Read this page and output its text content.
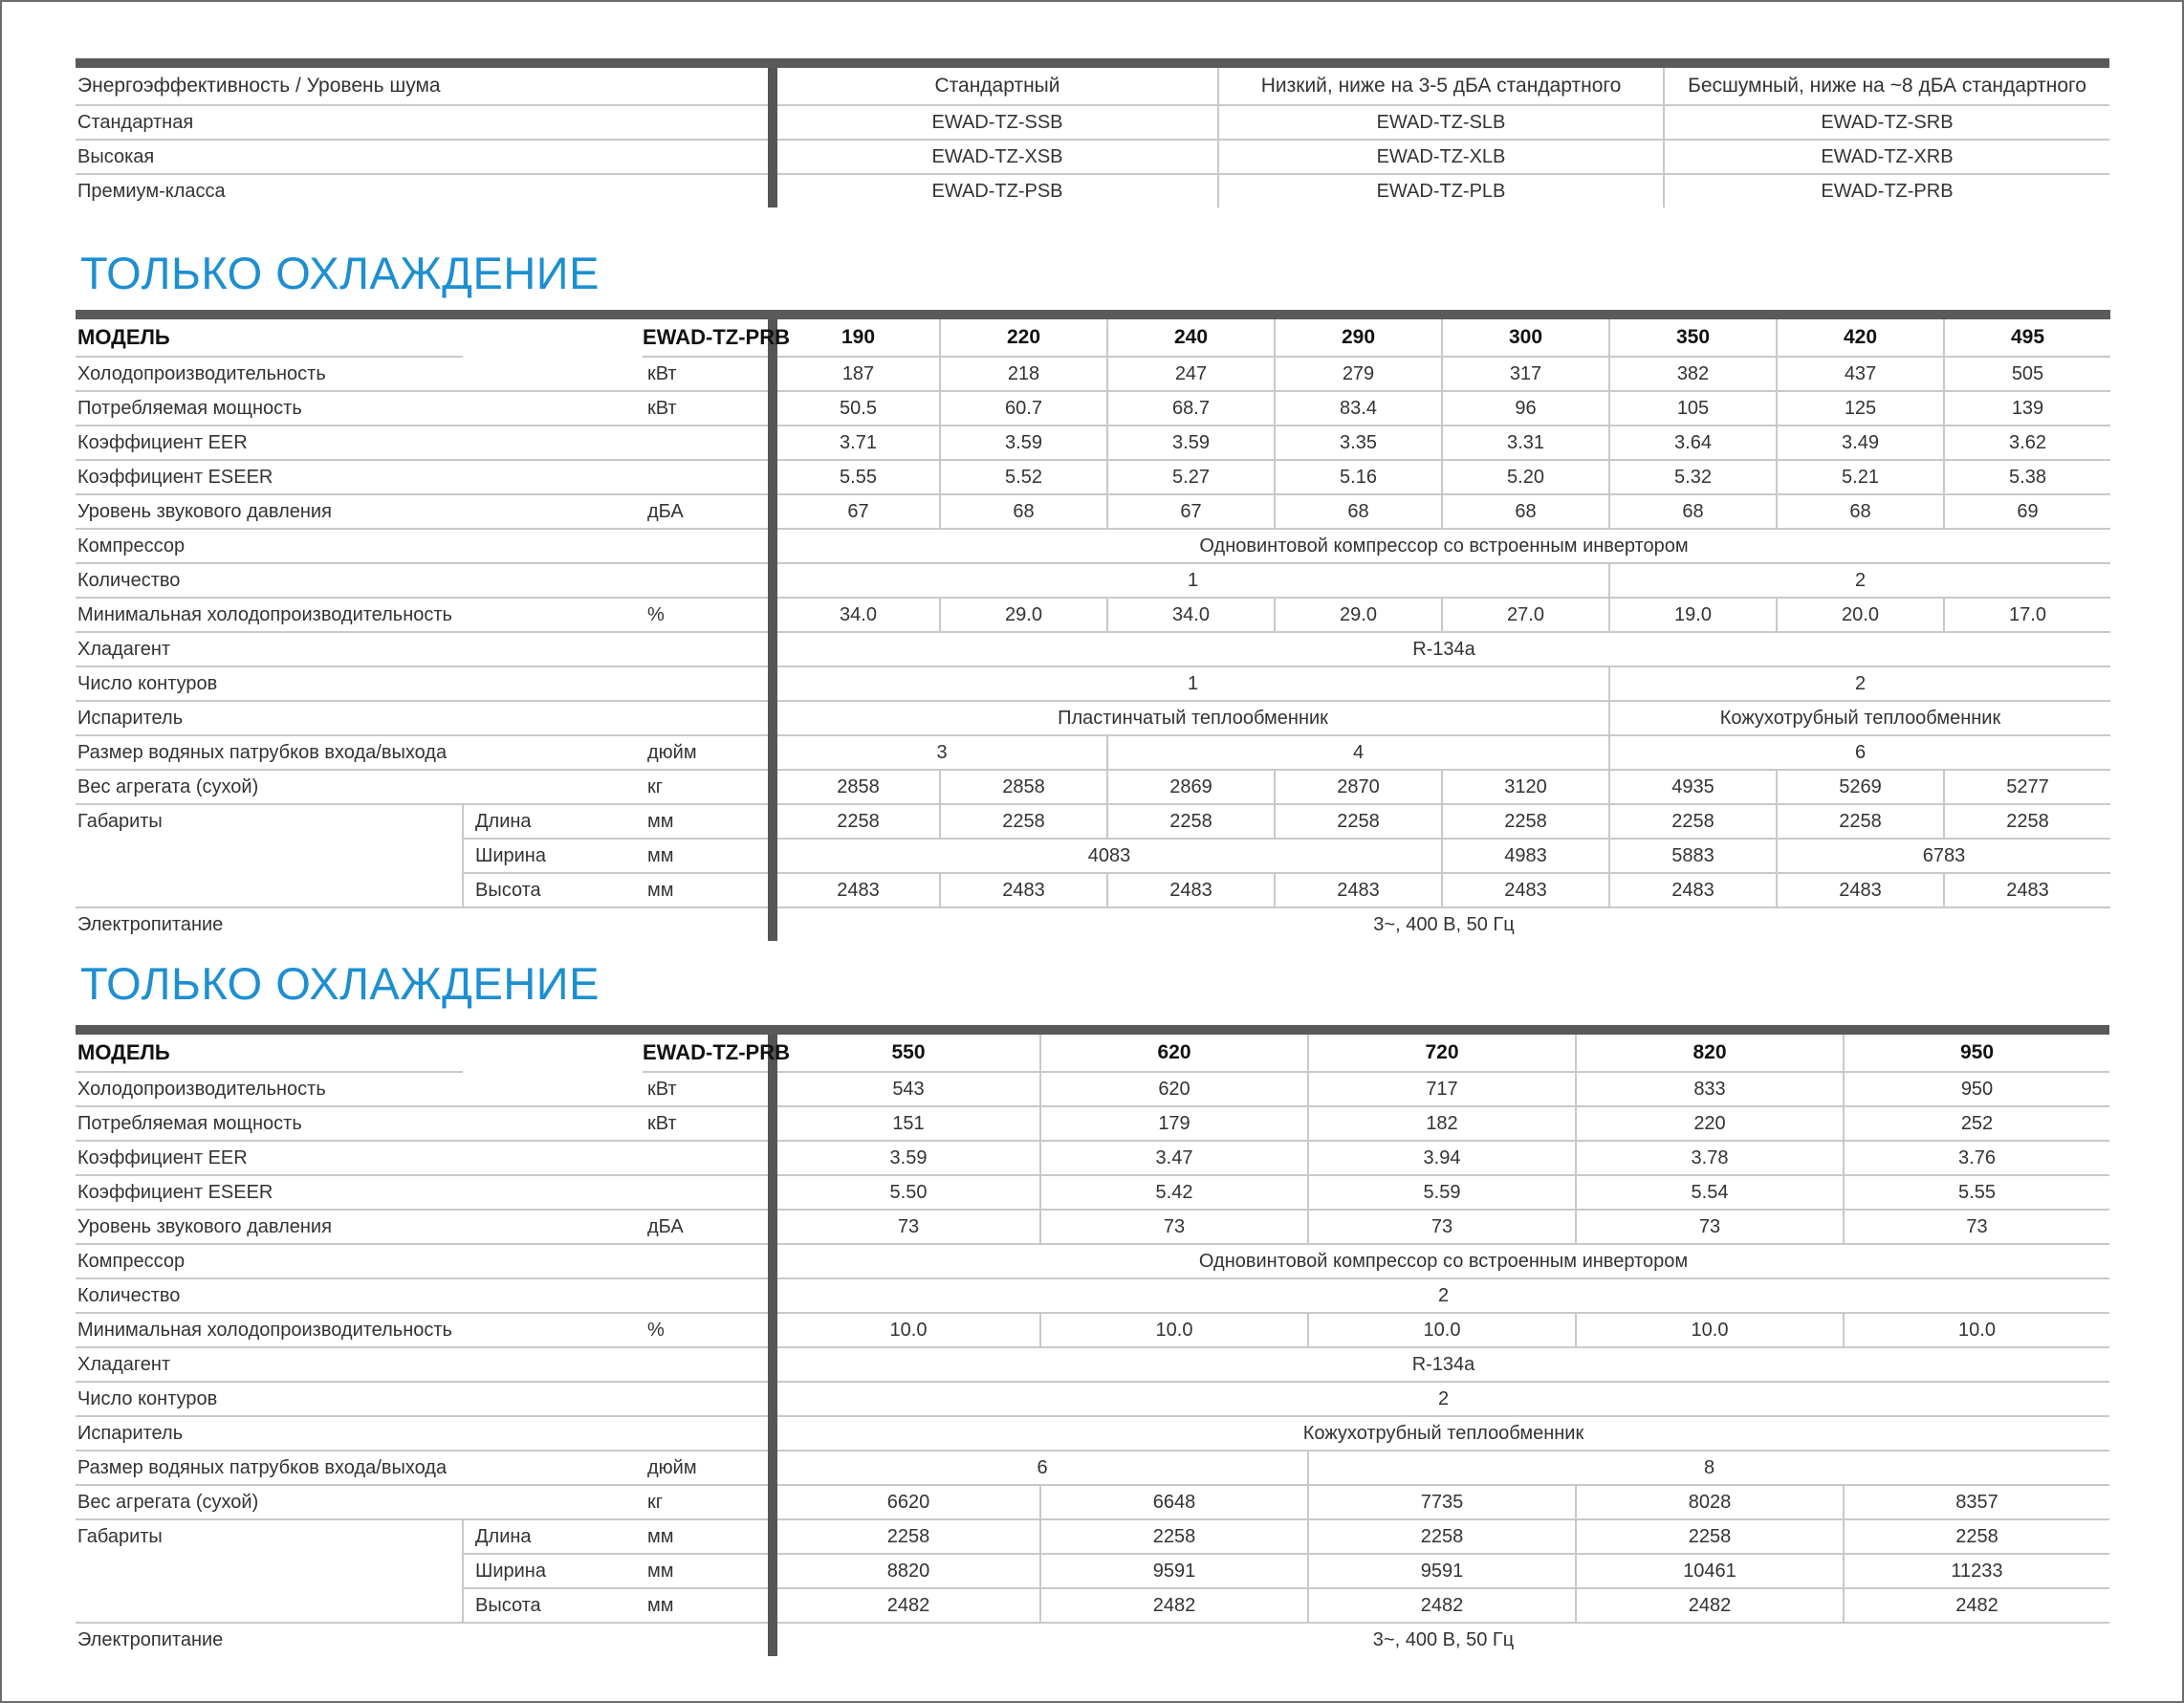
Энергоэффективность / Уровень шума	Стандартный	Низкий, ниже на 3-5 дБА стандартного	Бесшумный, ниже на ~8 дБА стандартного
Стандартная	EWAD-TZ-SSB	EWAD-TZ-SLB	EWAD-TZ-SRB
Высокая	EWAD-TZ-XSB	EWAD-TZ-XLB	EWAD-TZ-XRB
Премиум-класса	EWAD-TZ-PSB	EWAD-TZ-PLB	EWAD-TZ-PRB
ТОЛЬКО ОХЛАЖДЕНИЕ
МОДЕЛЬ		EWAD-TZ-PRB	190	220	240	290	300	350	420	495
Холодопроизводительность		кВт	187	218	247	279	317	382	437	505
Потребляемая мощность		кВт	50.5	60.7	68.7	83.4	96	105	125	139
Коэффициент EER			3.71	3.59	3.59	3.35	3.31	3.64	3.49	3.62
Коэффициент ESEER			5.55	5.52	5.27	5.16	5.20	5.32	5.21	5.38
Уровень звукового давления		дБА	67	68	67	68	68	68	68	69
Компрессор			Одновинтовой компрессор со встроенным инвертором							
Количество			1					2		
Минимальная холодопроизводительность		%	34.0	29.0	34.0	29.0	27.0	19.0	20.0	17.0
Хладагент			R-134a							
Число контуров			1					2		
Испаритель			Пластинчатый теплообменник					Кожухотрубный теплообменник		
Размер водяных патрубков входа/выхода		дюйм	3		4			6		
Вес агрегата (сухой)		кг	2858	2858	2869	2870	3120	4935	5269	5277
Габариты	Длина	мм	2258	2258	2258	2258	2258	2258	2258	2258
	Ширина	мм	4083				4983	5883	6783	
	Высота	мм	2483	2483	2483	2483	2483	2483	2483	2483
Электропитание			3~, 400 В, 50 Гц							
ТОЛЬКО ОХЛАЖДЕНИЕ
МОДЕЛЬ		EWAD-TZ-PRB	550	620	720	820	950
Холодопроизводительность		кВт	543	620	717	833	950
Потребляемая мощность		кВт	151	179	182	220	252
Коэффициент EER			3.59	3.47	3.94	3.78	3.76
Коэффициент ESEER			5.50	5.42	5.59	5.54	5.55
Уровень звукового давления		дБА	73	73	73	73	73
Компрессор			Одновинтовой компрессор со встроенным инвертором				
Количество			2				
Минимальная холодопроизводительность		%	10.0	10.0	10.0	10.0	10.0
Хладагент			R-134a				
Число контуров			2				
Испаритель			Кожухотрубный теплообменник				
Размер водяных патрубков входа/выхода		дюйм	6		8		
Вес агрегата (сухой)		кг	6620	6648	7735	8028	8357
Габариты	Длина	мм	2258	2258	2258	2258	2258
	Ширина	мм	8820	9591	9591	10461	11233
	Высота	мм	2482	2482	2482	2482	2482
Электропитание			3~, 400 В, 50 Гц				
